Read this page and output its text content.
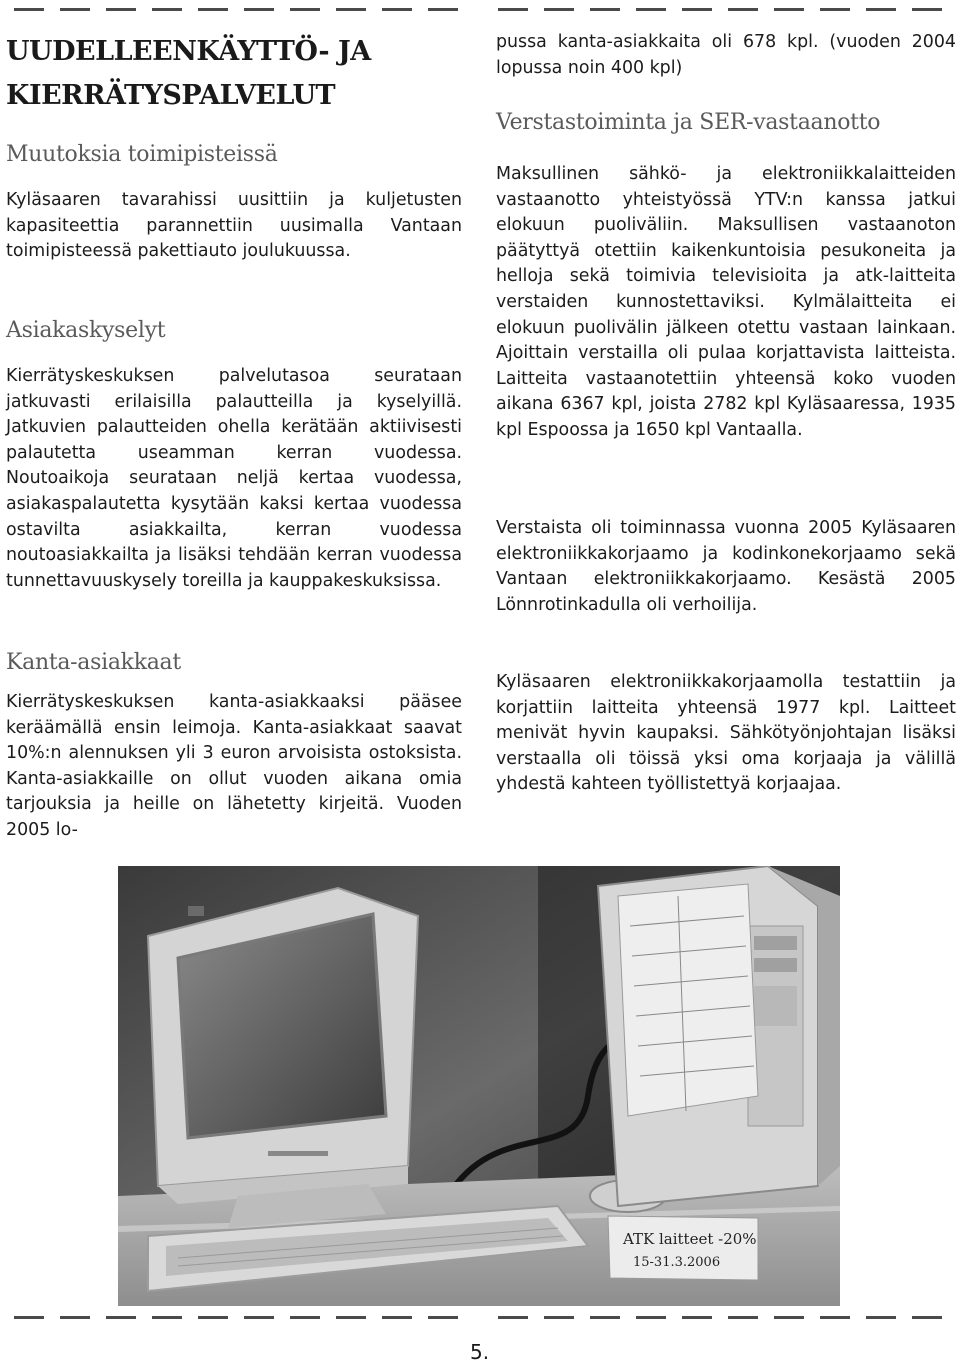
UUDELLEENKÄYTTÖ- JA KIERRÄTYSPALVELUT
Muutoksia toimipisteissä

Kyläsaaren tavarahissi uusittiin ja kuljetusten kapasiteettia parannettiin uusimalla Vantaan toimipisteessä pakettiauto joulukuussa.

Asiakaskyselyt

Kierrätyskeskuksen palvelutasoa seurataan jatkuvasti erilaisilla palautteilla ja kyselyillä. Jatkuvien palautteiden ohella kerätään aktiivisesti palautetta useamman kerran vuodessa. Noutoaikoja seurataan neljä kertaa vuodessa, asiakaspalautetta kysytään kaksi kertaa vuodessa ostavilta asiakkailta, kerran vuodessa noutoasiakkailta ja lisäksi tehdään kerran vuodessa tunnettavuuskysely toreilla ja kauppakeskuksissa.

Kanta-asiakkaat

Kierrätyskeskuksen kanta-asiakkaaksi pääsee keräämällä ensin leimoja. Kanta-asiakkaat saavat 10%:n alennuksen yli 3 euron arvoisista ostoksista. Kanta-asiakkaille on ollut vuoden aikana omia tarjouksia ja heille on lähetetty kirjeitä. Vuoden 2005 lo-

pussa kanta-asiakkaita oli 678 kpl. (vuoden 2004 lopussa noin 400 kpl)

Verstastoiminta ja SER-vastaanotto

Maksullinen sähkö- ja elektroniikkalaitteiden vastaanotto yhteistyössä YTV:n kanssa jatkui elokuun puoliväliin. Maksullisen vastaanoton päätyttyä otettiin kaikenkuntoisia pesukoneita ja helloja sekä toimivia televisioita ja atk-laitteita verstaiden kunnostettaviksi. Kylmälaitteita ei elokuun puolivälin jälkeen otettu vastaan lainkaan. Ajoittain verstailla oli pulaa korjattavista laitteista. Laitteita vastaanotettiin yhteensä koko vuoden aikana 6367 kpl, joista 2782 kpl Kyläsaaressa, 1935 kpl Espoossa ja 1650 kpl Vantaalla.

Verstaista oli toiminnassa vuonna 2005 Kyläsaaren elektroniikkakorjaamo ja kodinkonekorjaamo sekä Vantaan elektroniikkakorjaamo. Kesästä 2005 Lönnrotinkadulla oli verhoilija.

Kyläsaaren elektroniikkakorjaamolla testattiin ja korjattiin laitteita yhteensä 1977 kpl. Laitteet menivät hyvin kaupaksi. Sähkötyönjohtajan lisäksi verstaalla oli töissä yksi oma korjaaja ja välillä yhdestä kahteen työllistettyä korjaajaa.

ATK laitteet -20%
15-31.3.2006
5.
